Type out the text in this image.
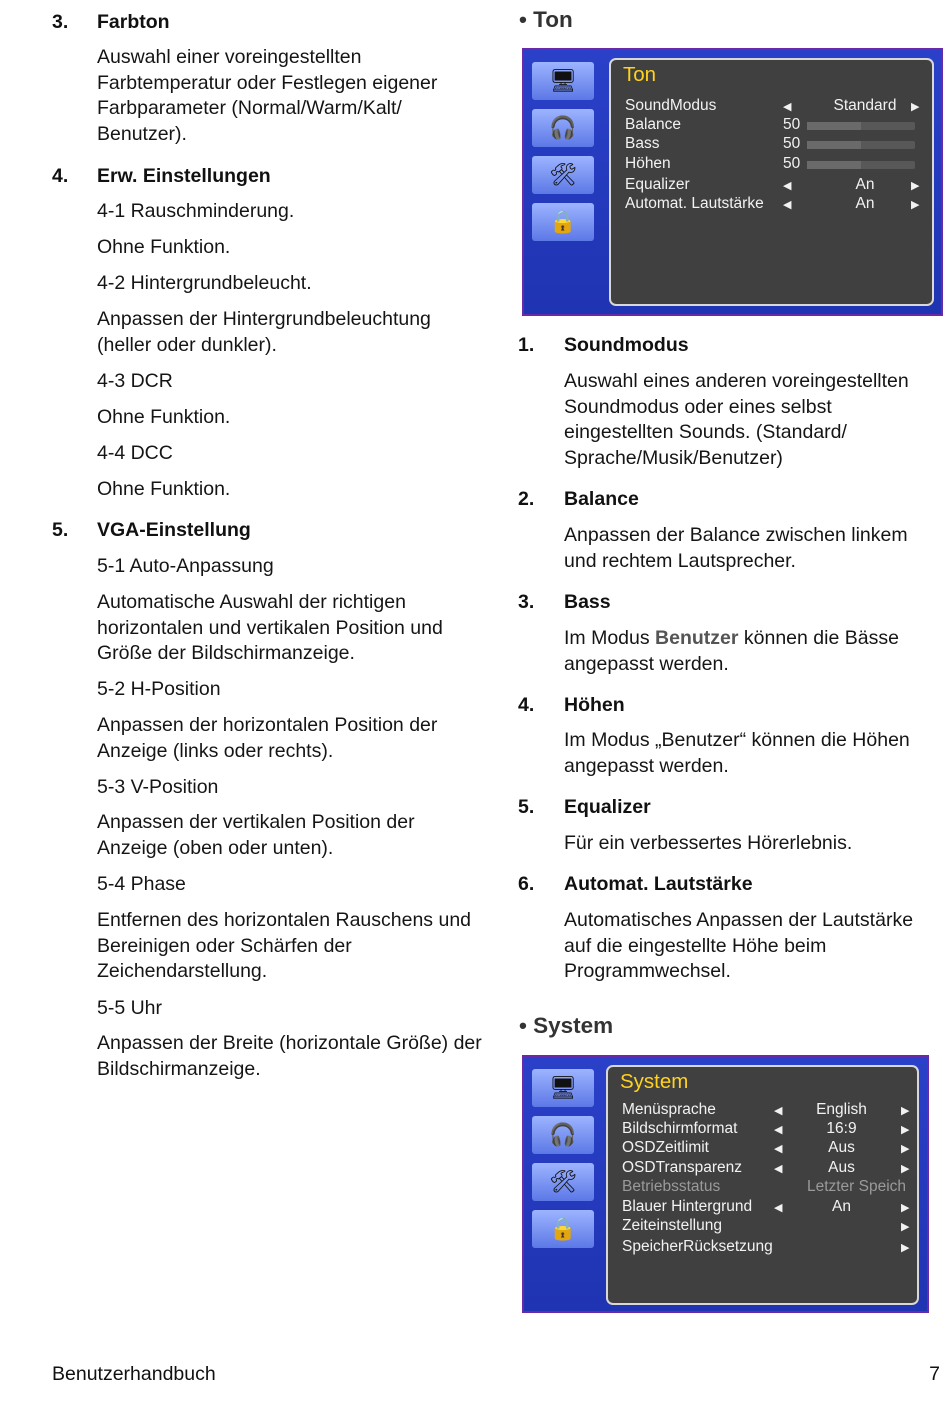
3. Farbton
Auswahl einer voreingestellten Farbtemperatur oder Festlegen eigener Farbparameter (Normal/Warm/Kalt/ Benutzer).
4. Erw. Einstellungen
4-1 Rauschminderung.
Ohne Funktion.
4-2 Hintergrundbeleucht.
Anpassen der Hintergrundbeleuchtung (heller oder dunkler).
4-3 DCR
Ohne Funktion.
4-4 DCC
Ohne Funktion.
5. VGA-Einstellung
5-1 Auto-Anpassung
Automatische Auswahl der richtigen horizontalen und vertikalen Position und Größe der Bildschirmanzeige.
5-2 H-Position
Anpassen der horizontalen Position der Anzeige (links oder rechts).
5-3 V-Position
Anpassen der vertikalen Position der Anzeige (oben oder unten).
5-4 Phase
Entfernen des horizontalen Rauschens und Bereinigen oder Schärfen der Zeichendarstellung.
5-5 Uhr
Anpassen der Breite (horizontale Größe) der Bildschirmanzeige.
• Ton
🖥
🎧
🛠
🔒
Ton
SoundModus	◀	Standard	▶
Balance	50
Bass	50
Höhen	50
Equalizer	◀	An	▶
Automat. Lautstärke ◀	An	▶
1. Soundmodus
Auswahl eines anderen voreingestellten Soundmodus oder eines selbst eingestellten Sounds. (Standard/ Sprache/Musik/Benutzer)
2. Balance
Anpassen der Balance zwischen linkem und rechtem Lautsprecher.
3. Bass
Im Modus Benutzer können die Bässe angepasst werden.
4. Höhen
Im Modus „Benutzer“ können die Höhen angepasst werden.
5. Equalizer
Für ein verbessertes Hörerlebnis.
6. Automat. Lautstärke
Automatisches Anpassen der Lautstärke auf die eingestellte Höhe beim Programmwechsel.
• System
🖥
🎧
🛠
🔒
System
Menüsprache	◀	English	▶
Bildschirmformat	◀	16:9	▶
OSDZeitlimit	◀	Aus	▶
OSDTransparenz	◀	Aus	▶
Betriebsstatus	Letzter Speich
Blauer Hintergrund ◀	An	▶
Zeiteinstellung	▶
SpeicherRücksetzung	▶
Benutzerhandbuch	7
